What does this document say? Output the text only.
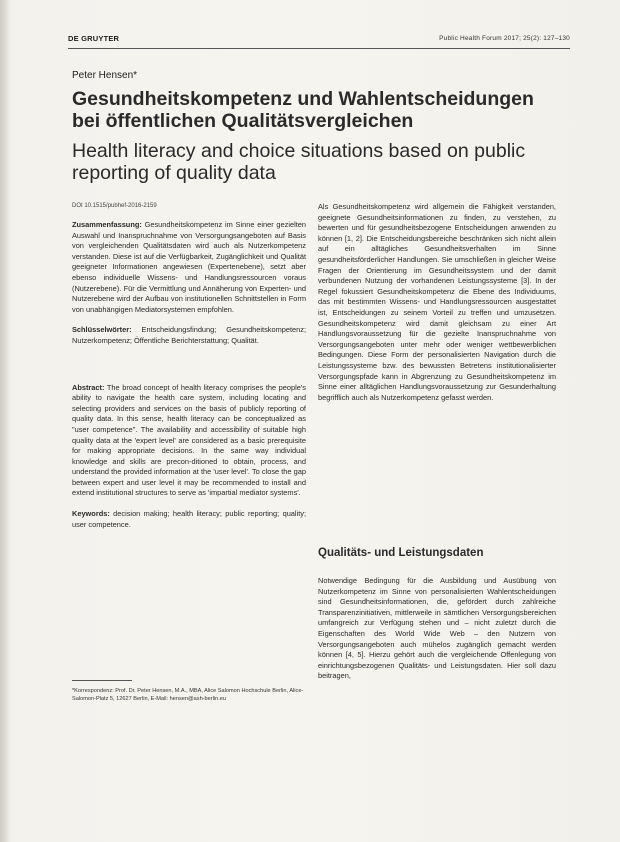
DE GRUYTER	Public Health Forum 2017; 25(2): 127–130
Peter Hensen*
Gesundheitskompetenz und Wahlentscheidungen bei öffentlichen Qualitätsvergleichen
Health literacy and choice situations based on public reporting of quality data
DOI 10.1515/pubhef-2016-2159

Zusammenfassung: Gesundheitskompetenz im Sinne einer gezielten Auswahl und Inanspruchnahme von Versorgungsangeboten auf Basis von vergleichenden Qualitätsdaten wird auch als Nutzerkompetenz verstanden. Diese ist auf die Verfügbarkeit, Zugänglichkeit und Qualität geeigneter Informationen angewiesen (Expertenebene), setzt aber ebenso individuelle Wissens- und Handlungsressourcen voraus (Nutzerebene). Für die Vermittlung und Annäherung von Experten- und Nutzerebene wird der Aufbau von institutionellen Schnittstellen in Form von unabhängigen Mediatorsystemen empfohlen.

Schlüsselwörter: Entscheidungsfindung; Gesundheitskompetenz; Nutzerkompetenz; Öffentliche Berichterstattung; Qualität.

Abstract: The broad concept of health literacy comprises the people's ability to navigate the health care system, including locating and selecting providers and services on the basis of publicly reporting of quality data. In this sense, health literacy can be conceptualized as "user competence". The availability and accessibility of suitable high quality data at the 'expert level' are considered as a basic prerequisite for making appropriate decisions. In the same way individual knowledge and skills are precon-ditioned to obtain, process, and understand the provided information at the 'user level'. To close the gap between expert and user level it may be recommended to install and extend institutional structures to serve as 'impartial mediator systems'.

Keywords: decision making; health literacy; public reporting; quality; user competence.

*Korrespondenz: Prof. Dr. Peter Hensen, M.A., MBA, Alice Salomon Hochschule Berlin, Alice-Salomon-Platz 5, 12627 Berlin, E-Mail: hensen@ash-berlin.eu

Als Gesundheitskompetenz wird allgemein die Fähigkeit verstanden, geeignete Gesundheitsinformationen zu finden, zu verstehen, zu bewerten und für gesundheitsbezogene Entscheidungen anwenden zu können [1, 2]. Die Entscheidungsbereiche beschränken sich nicht allein auf ein alltägliches Gesundheitsverhalten im Sinne gesundheitsförderlicher Handlungen. Sie umschließen in gleicher Weise Fragen der Orientierung im Gesundheitssystem und der damit verbundenen Nutzung der vorhandenen Leistungssysteme [3]. In der Regel fokussiert Gesundheitskompetenz die Ebene des Individuums, das mit bestimmten Wissens- und Handlungsressourcen ausgestattet ist, Entscheidungen zu seinem Vorteil zu treffen und umzusetzen. Gesundheitskompetenz wird damit gleichsam zu einer Art Handlungsvoraussetzung für die gezielte Inanspruchnahme von Versorgungsangeboten unter mehr oder weniger wettbewerblichen Bedingungen. Diese Form der personalisierten Navigation durch die Leistungssysteme bzw. des bewussten Betretens institutionalisierter Versorgungspfade kann in Abgrenzung zu Gesundheitskompetenz im Sinne einer alltäglichen Handlungsvoraussetzung zur Gesunderhaltung begrifflich auch als Nutzerkompetenz gefasst werden.

Qualitäts- und Leistungsdaten

Notwendige Bedingung für die Ausbildung und Ausübung von Nutzerkompetenz im Sinne von personalisierten Wahlentscheidungen sind Gesundheitsinformationen, die, gefördert durch zahlreiche Transparenzinitiativen, mittlerweile in sämtlichen Versorgungsbereichen umfangreich zur Verfügung stehen und – nicht zuletzt durch die Eigenschaften des World Wide Web – den Nutzern von Versorgungsangeboten auch mühelos zugänglich gemacht werden können [4, 5]. Hierzu gehört auch die vergleichende Offenlegung von einrichtungsbezogenen Qualitäts- und Leistungsdaten. Hier soll dazu beitragen,
